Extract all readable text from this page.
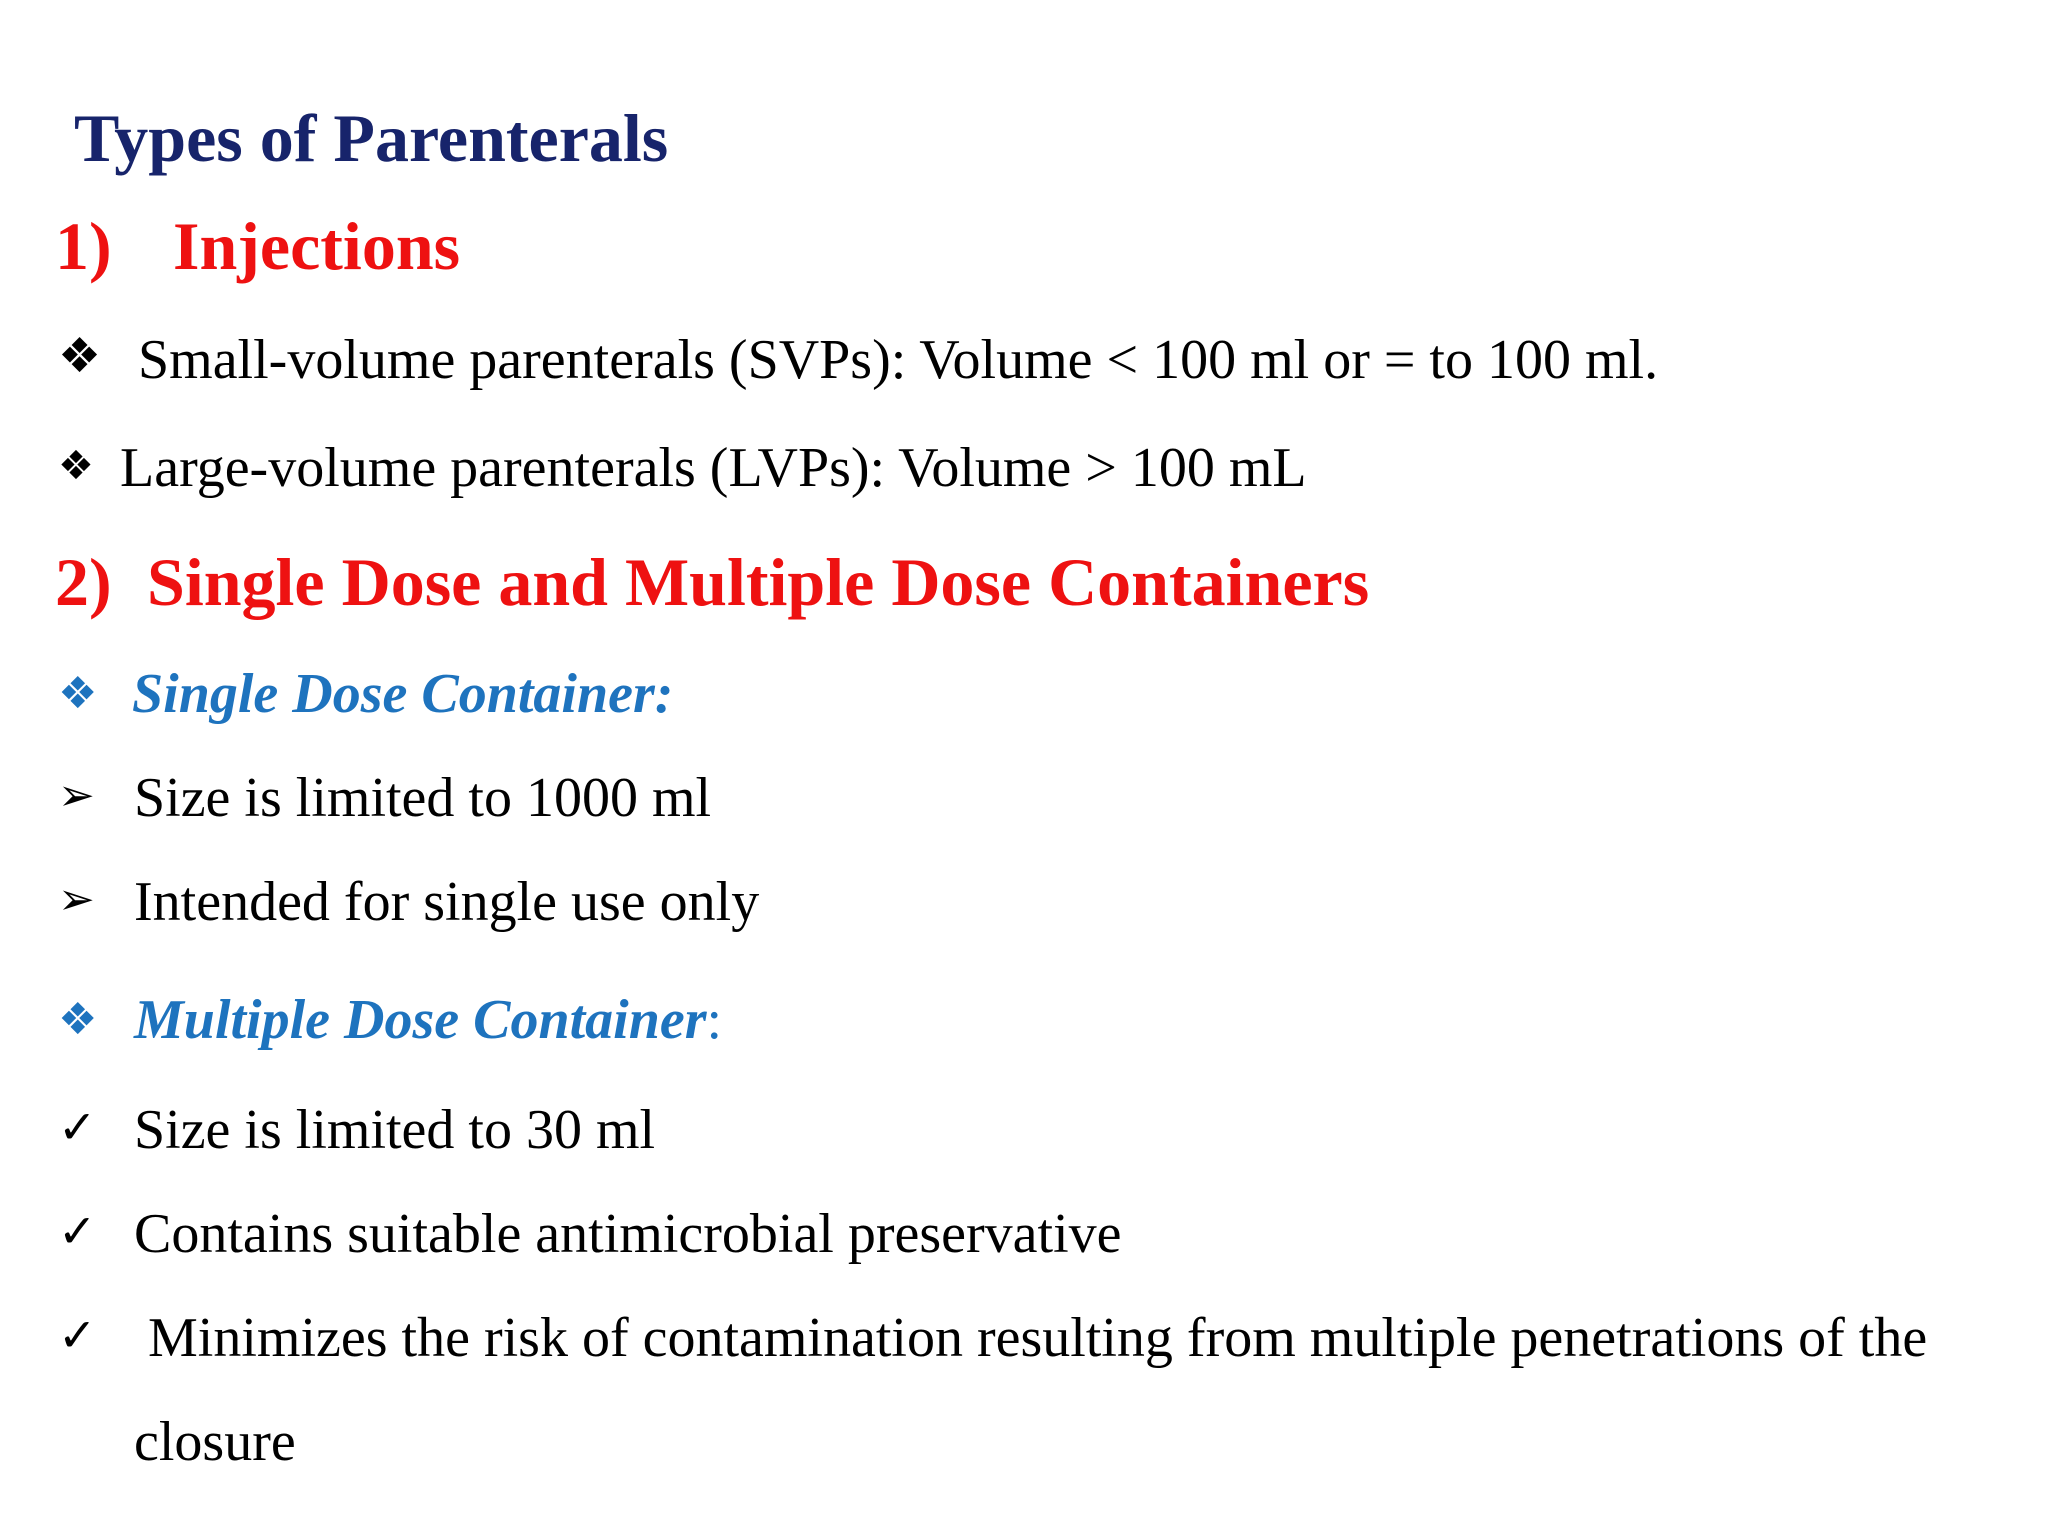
Types of Parenterals
1) Injections
❖ Small-volume parenterals (SVPs): Volume < 100 ml or = to 100 ml.
❖ Large-volume parenterals (LVPs): Volume > 100 mL
2) Single Dose and Multiple Dose Containers
❖ Single Dose Container:
➢ Size is limited to 1000 ml
➢ Intended for single use only
❖ Multiple Dose Container:
✓ Size is limited to 30 ml
✓ Contains suitable antimicrobial preservative
✓ Minimizes the risk of contamination resulting from multiple penetrations of the
closure
